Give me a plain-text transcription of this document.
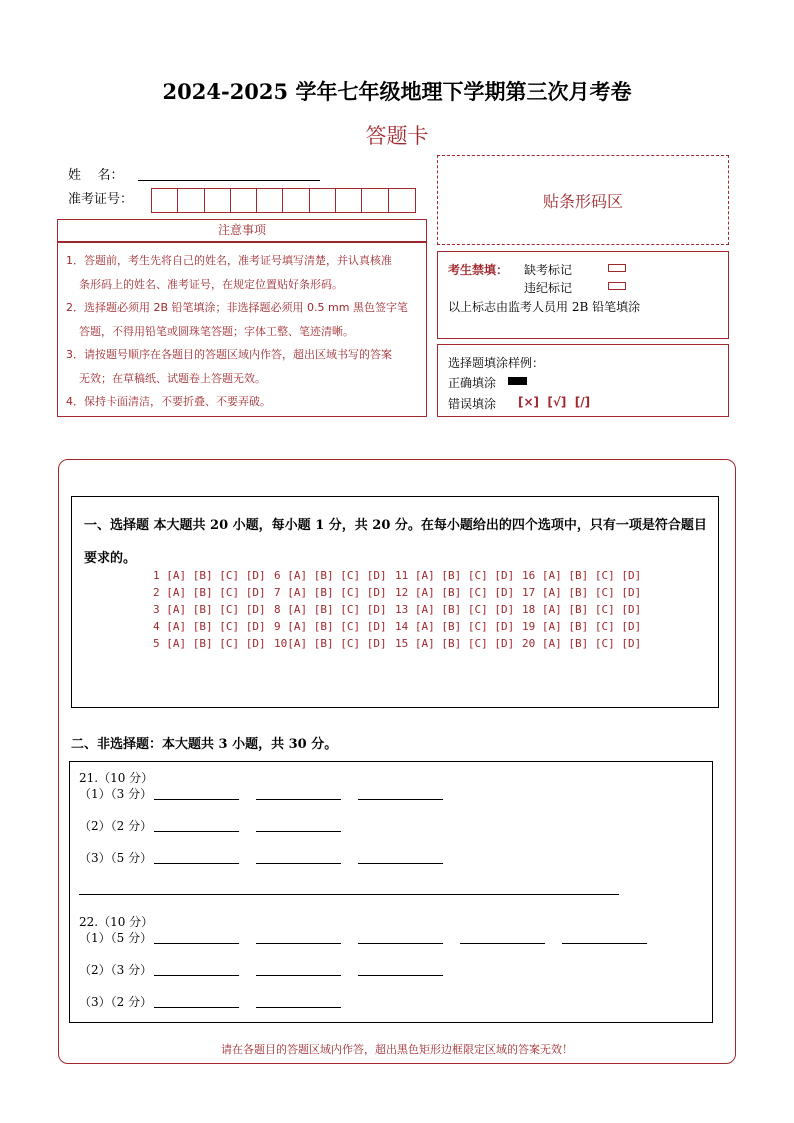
2024-2025 学年七年级地理下学期第三次月考卷
答题卡
姓    名：
准考证号：	贴条形码区
注意事项

1．答题前，考生先将自己的姓名，准考证号填写清楚，并认真核准

条形码上的姓名、准考证号，在规定位置贴好条形码。

2．选择题必须用 2B 铅笔填涂；非选择题必须用 0.5 mm 黑色签字笔

答题，不得用铅笔或圆珠笔答题；字体工整、笔迹清晰。

3．请按题号顺序在各题目的答题区域内作答，超出区域书写的答案

无效；在草稿纸、试题卷上答题无效。

4．保持卡面清洁，不要折叠、不要弄破。

考生禁填： 缺考标记
违纪标记
以上标志由监考人员用 2B 铅笔填涂
选择题填涂样例：
正确填涂
错误填涂 [×]  [√]  [/]
一、选择题 本大题共 20 小题，每小题 1 分，共 20 分。在每小题给出的四个选项中，只有一项是符合题目要求的。
1 [A] [B] [C] [D]
2 [A] [B] [C] [D]
3 [A] [B] [C] [D]
4 [A] [B] [C] [D]
5 [A] [B] [C] [D]
6 [A] [B] [C] [D]
7 [A] [B] [C] [D]
8 [A] [B] [C] [D]
9 [A] [B] [C] [D]
10[A] [B] [C] [D]
11 [A] [B] [C] [D]
12 [A] [B] [C] [D]
13 [A] [B] [C] [D]
14 [A] [B] [C] [D]
15 [A] [B] [C] [D]
16 [A] [B] [C] [D]
17 [A] [B] [C] [D]
18 [A] [B] [C] [D]
19 [A] [B] [C] [D]
20 [A] [B] [C] [D]
二、非选择题：本大题共 3 小题，共 30 分。
21.（10 分）
（1）（3 分）
（2）（2 分）
（3）（5 分）
22.（10 分）
（1）（5 分）
（2）（3 分）
（3）（2 分）
请在各题目的答题区域内作答，超出黑色矩形边框限定区域的答案无效！
